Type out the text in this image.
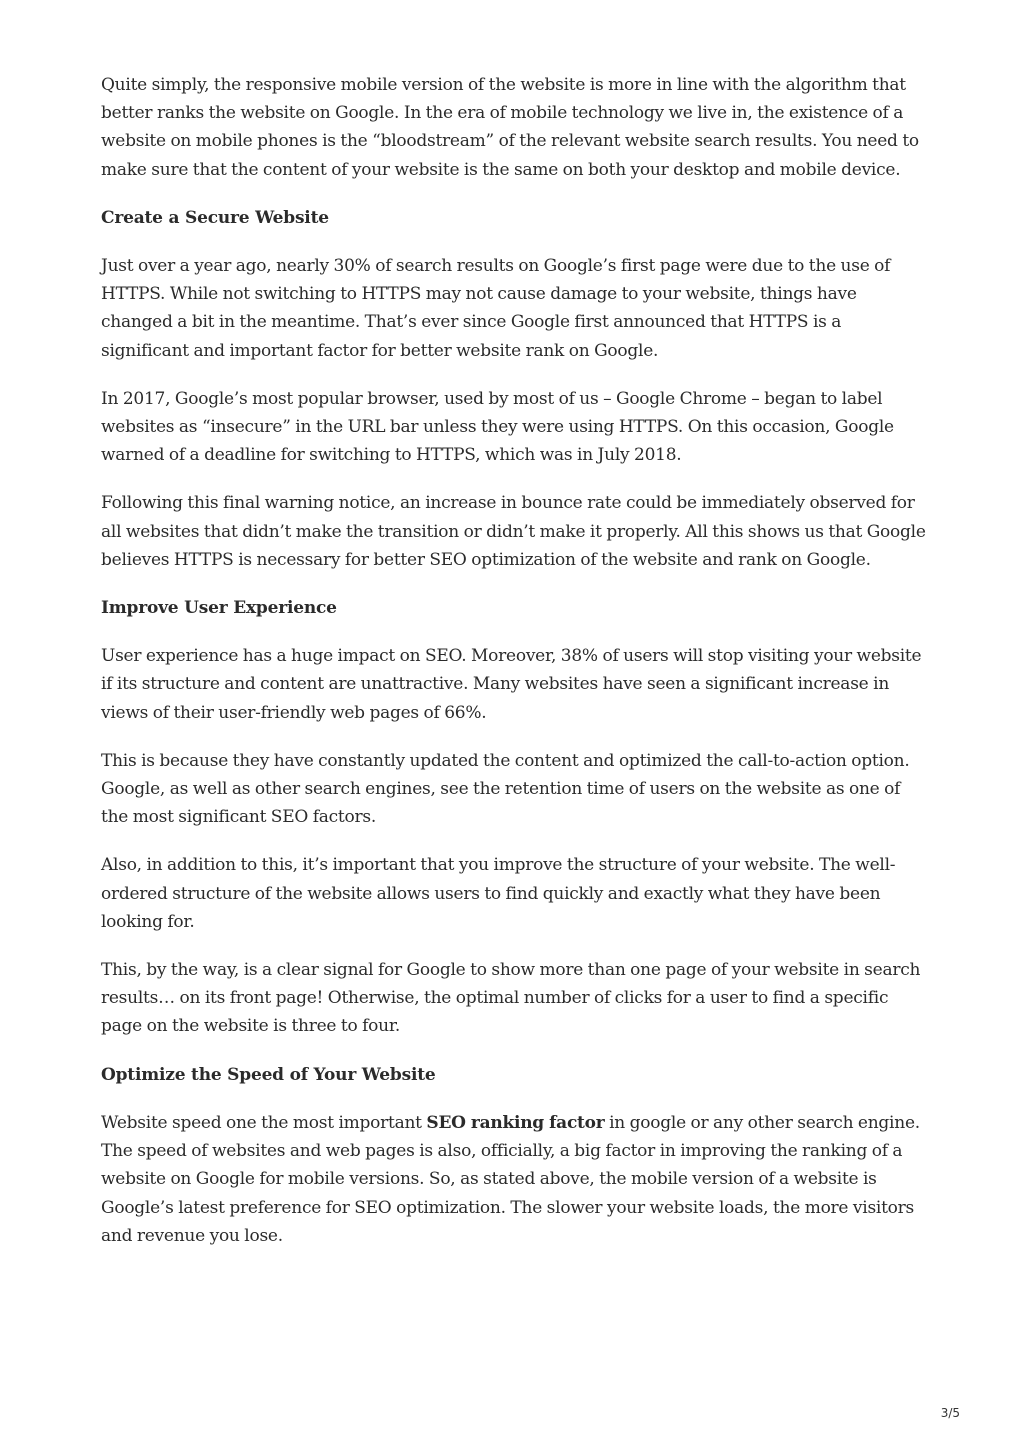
Quite simply, the responsive mobile version of the website is more in line with the algorithm that better ranks the website on Google. In the era of mobile technology we live in, the existence of a website on mobile phones is the “bloodstream” of the relevant website search results. You need to make sure that the content of your website is the same on both your desktop and mobile device.

Create a Secure Website

Just over a year ago, nearly 30% of search results on Google’s first page were due to the use of HTTPS. While not switching to HTTPS may not cause damage to your website, things have changed a bit in the meantime. That’s ever since Google first announced that HTTPS is a significant and important factor for better website rank on Google.

In 2017, Google’s most popular browser, used by most of us – Google Chrome – began to label websites as “insecure” in the URL bar unless they were using HTTPS. On this occasion, Google warned of a deadline for switching to HTTPS, which was in July 2018.

Following this final warning notice, an increase in bounce rate could be immediately observed for all websites that didn’t make the transition or didn’t make it properly. All this shows us that Google believes HTTPS is necessary for better SEO optimization of the website and rank on Google.

Improve User Experience

User experience has a huge impact on SEO. Moreover, 38% of users will stop visiting your website if its structure and content are unattractive. Many websites have seen a significant increase in views of their user-friendly web pages of 66%.

This is because they have constantly updated the content and optimized the call-to-action option. Google, as well as other search engines, see the retention time of users on the website as one of the most significant SEO factors.

Also, in addition to this, it’s important that you improve the structure of your website. The well-ordered structure of the website allows users to find quickly and exactly what they have been looking for.

This, by the way, is a clear signal for Google to show more than one page of your website in search results… on its front page! Otherwise, the optimal number of clicks for a user to find a specific page on the website is three to four.

Optimize the Speed of Your Website

Website speed one the most important SEO ranking factor in google or any other search engine. The speed of websites and web pages is also, officially, a big factor in improving the ranking of a website on Google for mobile versions. So, as stated above, the mobile version of a website is Google’s latest preference for SEO optimization. The slower your website loads, the more visitors and revenue you lose.

3/5
